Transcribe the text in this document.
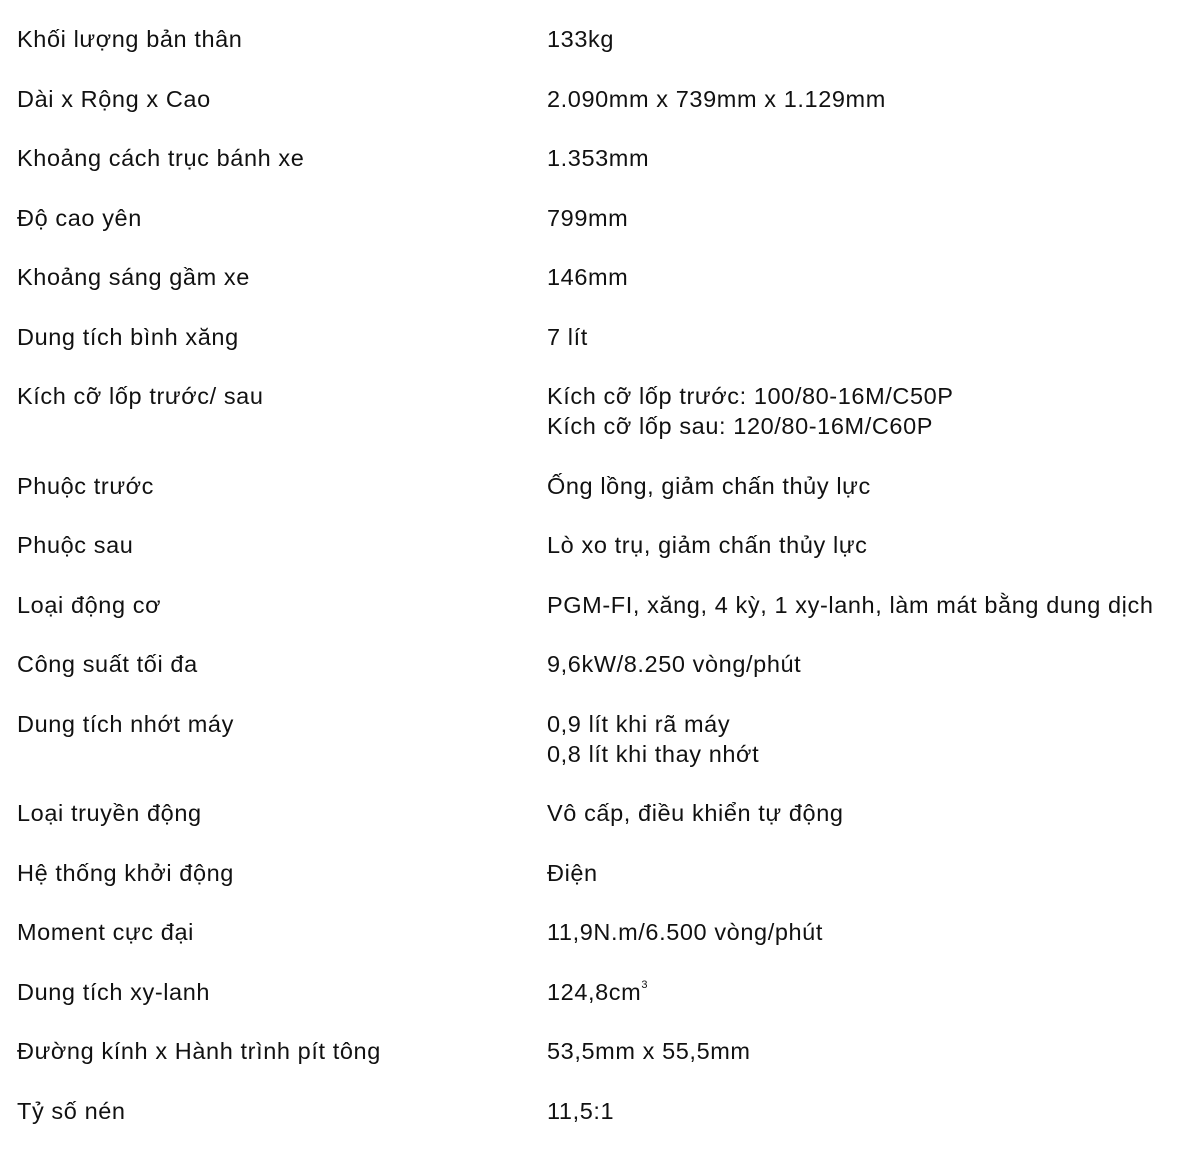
Khối lượng bản thân	133kg
Dài x Rộng x Cao	2.090mm x 739mm x 1.129mm
Khoảng cách trục bánh xe	1.353mm
Độ cao yên	799mm
Khoảng sáng gầm xe	146mm
Dung tích bình xăng	7 lít
Kích cỡ lốp trước/ sau	Kích cỡ lốp trước: 100/80-16M/C50P
Kích cỡ lốp sau: 120/80-16M/C60P
Phuộc trước	Ống lồng, giảm chấn thủy lực
Phuộc sau	Lò xo trụ, giảm chấn thủy lực
Loại động cơ	PGM-FI, xăng, 4 kỳ, 1 xy-lanh, làm mát bằng dung dịch
Công suất tối đa	9,6kW/8.250 vòng/phút
Dung tích nhớt máy	0,9 lít khi rã máy
0,8 lít khi thay nhớt
Loại truyền động	Vô cấp, điều khiển tự động
Hệ thống khởi động	Điện
Moment cực đại	11,9N.m/6.500 vòng/phút
Dung tích xy-lanh	$124,8cm^3$
Đường kính x Hành trình pít tông	53,5mm x 55,5mm
Tỷ số nén	11,5:1
